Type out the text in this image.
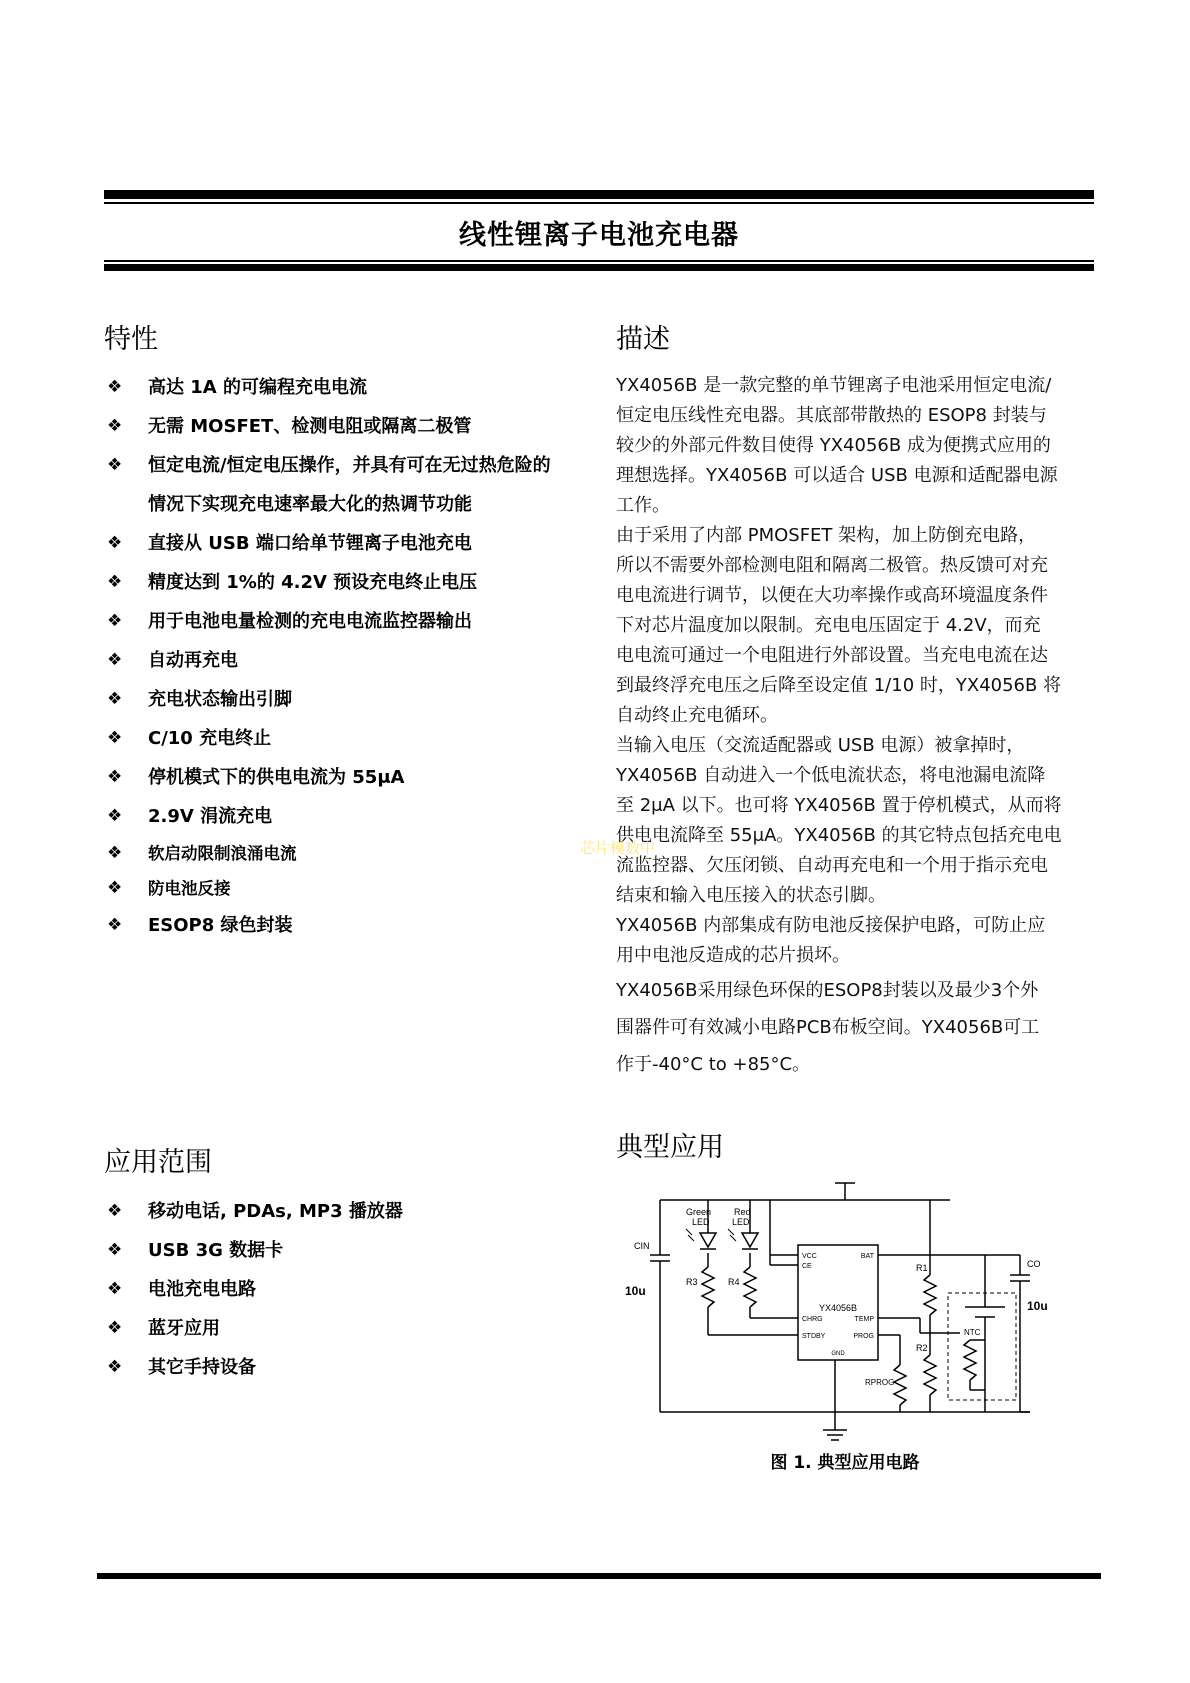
线性锂离子电池充电器
特性
❖ 高达 1A 的可编程充电电流
❖ 无需 MOSFET、检测电阻或隔离二极管
❖ 恒定电流/恒定电压操作，并具有可在无过热危险的
情况下实现充电速率最大化的热调节功能
❖ 直接从 USB 端口给单节锂离子电池充电
❖ 精度达到 1%的 4.2V 预设充电终止电压
❖ 用于电池电量检测的充电电流监控器输出
❖ 自动再充电
❖ 充电状态输出引脚
❖ C/10 充电终止
❖ 停机模式下的供电电流为 55μA
❖ 2.9V 涓流充电
❖ 软启动限制浪涌电流
❖ 防电池反接
❖ ESOP8 绿色封装
描述

YX4056B 是一款完整的单节锂离子电池采用恒定电流/

恒定电压线性充电器。其底部带散热的 ESOP8 封装与

较少的外部元件数目使得 YX4056B 成为便携式应用的

理想选择。YX4056B 可以适合 USB 电源和适配器电源

工作。

由于采用了内部 PMOSFET 架构，加上防倒充电路，

所以不需要外部检测电阻和隔离二极管。热反馈可对充

电电流进行调节，以便在大功率操作或高环境温度条件

下对芯片温度加以限制。充电电压固定于 4.2V，而充

电电流可通过一个电阻进行外部设置。当充电电流在达

到最终浮充电压之后降至设定值 1/10 时，YX4056B 将

自动终止充电循环。

当输入电压（交流适配器或 USB 电源）被拿掉时，

YX4056B 自动进入一个低电流状态，将电池漏电流降

至 2μA 以下。也可将 YX4056B 置于停机模式，从而将

供电电流降至 55μA。YX4056B 的其它特点包括充电电

流监控器、欠压闭锁、自动再充电和一个用于指示充电

结束和输入电压接入的状态引脚。

YX4056B 内部集成有防电池反接保护电路，可防止应

用中电池反造成的芯片损坏。

YX4056B采用绿色环保的ESOP8封装以及最少3个外

围器件可有效减小电路PCB布板空间。YX4056B可工

作于-40°C to +85°C。

芯片模数中
应用范围
❖ 移动电话, PDAs, MP3 播放器
❖ USB 3G 数据卡
❖ 电池充电电路
❖ 蓝牙应用
❖ 其它手持设备
典型应用
YX4056B
VCC
CE
BAT
CHRG
STDBY
TEMP
PROG
GND
Green
LED
Red
LED
CIN
10u
R3	R4
R1
R2
RPROG
NTC
CO
10u
图 1. 典型应用电路
